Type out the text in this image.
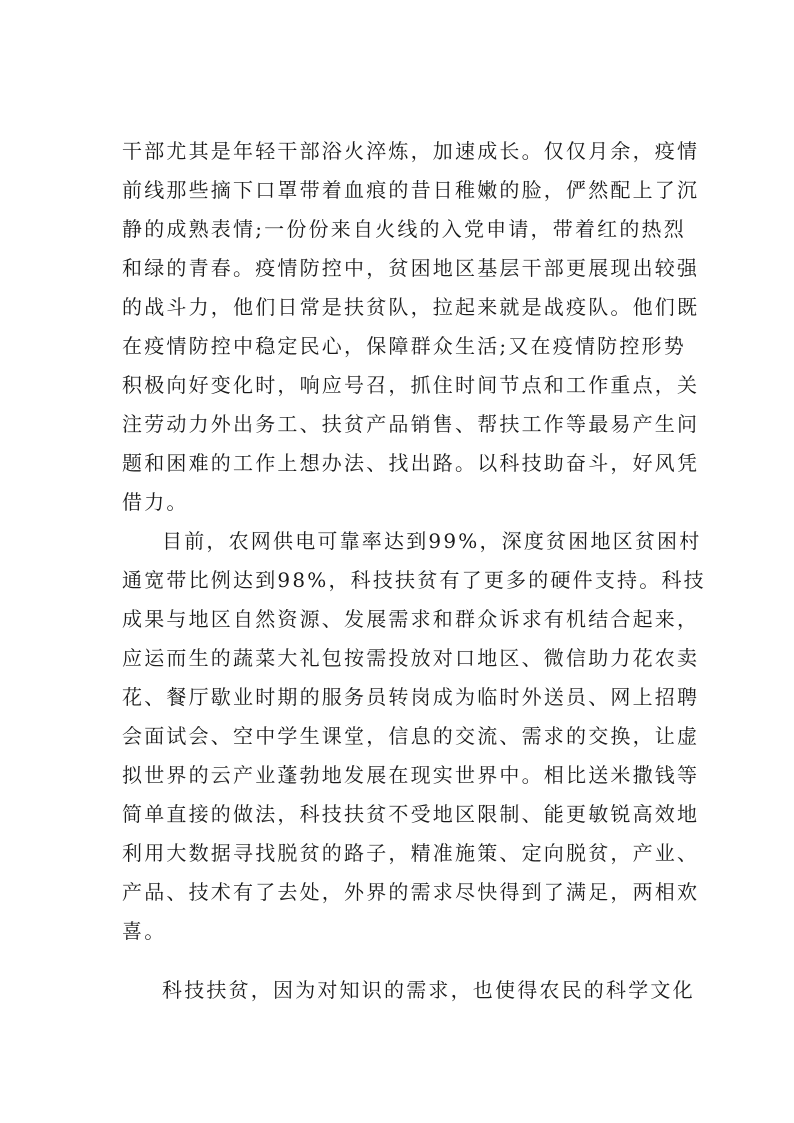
干部尤其是年轻干部浴火淬炼，加速成长。仅仅月余，疫情
前线那些摘下口罩带着血痕的昔日稚嫩的脸，俨然配上了沉
静的成熟表情;一份份来自火线的入党申请，带着红的热烈
和绿的青春。疫情防控中，贫困地区基层干部更展现出较强
的战斗力，他们日常是扶贫队，拉起来就是战疫队。他们既
在疫情防控中稳定民心，保障群众生活;又在疫情防控形势
积极向好变化时，响应号召，抓住时间节点和工作重点，关
注劳动力外出务工、扶贫产品销售、帮扶工作等最易产生问
题和困难的工作上想办法、找出路。以科技助奋斗，好风凭
借力。
目前，农网供电可靠率达到99%，深度贫困地区贫困村
通宽带比例达到98%，科技扶贫有了更多的硬件支持。科技
成果与地区自然资源、发展需求和群众诉求有机结合起来，
应运而生的蔬菜大礼包按需投放对口地区、微信助力花农卖
花、餐厅歇业时期的服务员转岗成为临时外送员、网上招聘
会面试会、空中学生课堂，信息的交流、需求的交换，让虚
拟世界的云产业蓬勃地发展在现实世界中。相比送米撒钱等
简单直接的做法，科技扶贫不受地区限制、能更敏锐高效地
利用大数据寻找脱贫的路子，精准施策、定向脱贫，产业、
产品、技术有了去处，外界的需求尽快得到了满足，两相欢
喜。
科技扶贫，因为对知识的需求，也使得农民的科学文化
